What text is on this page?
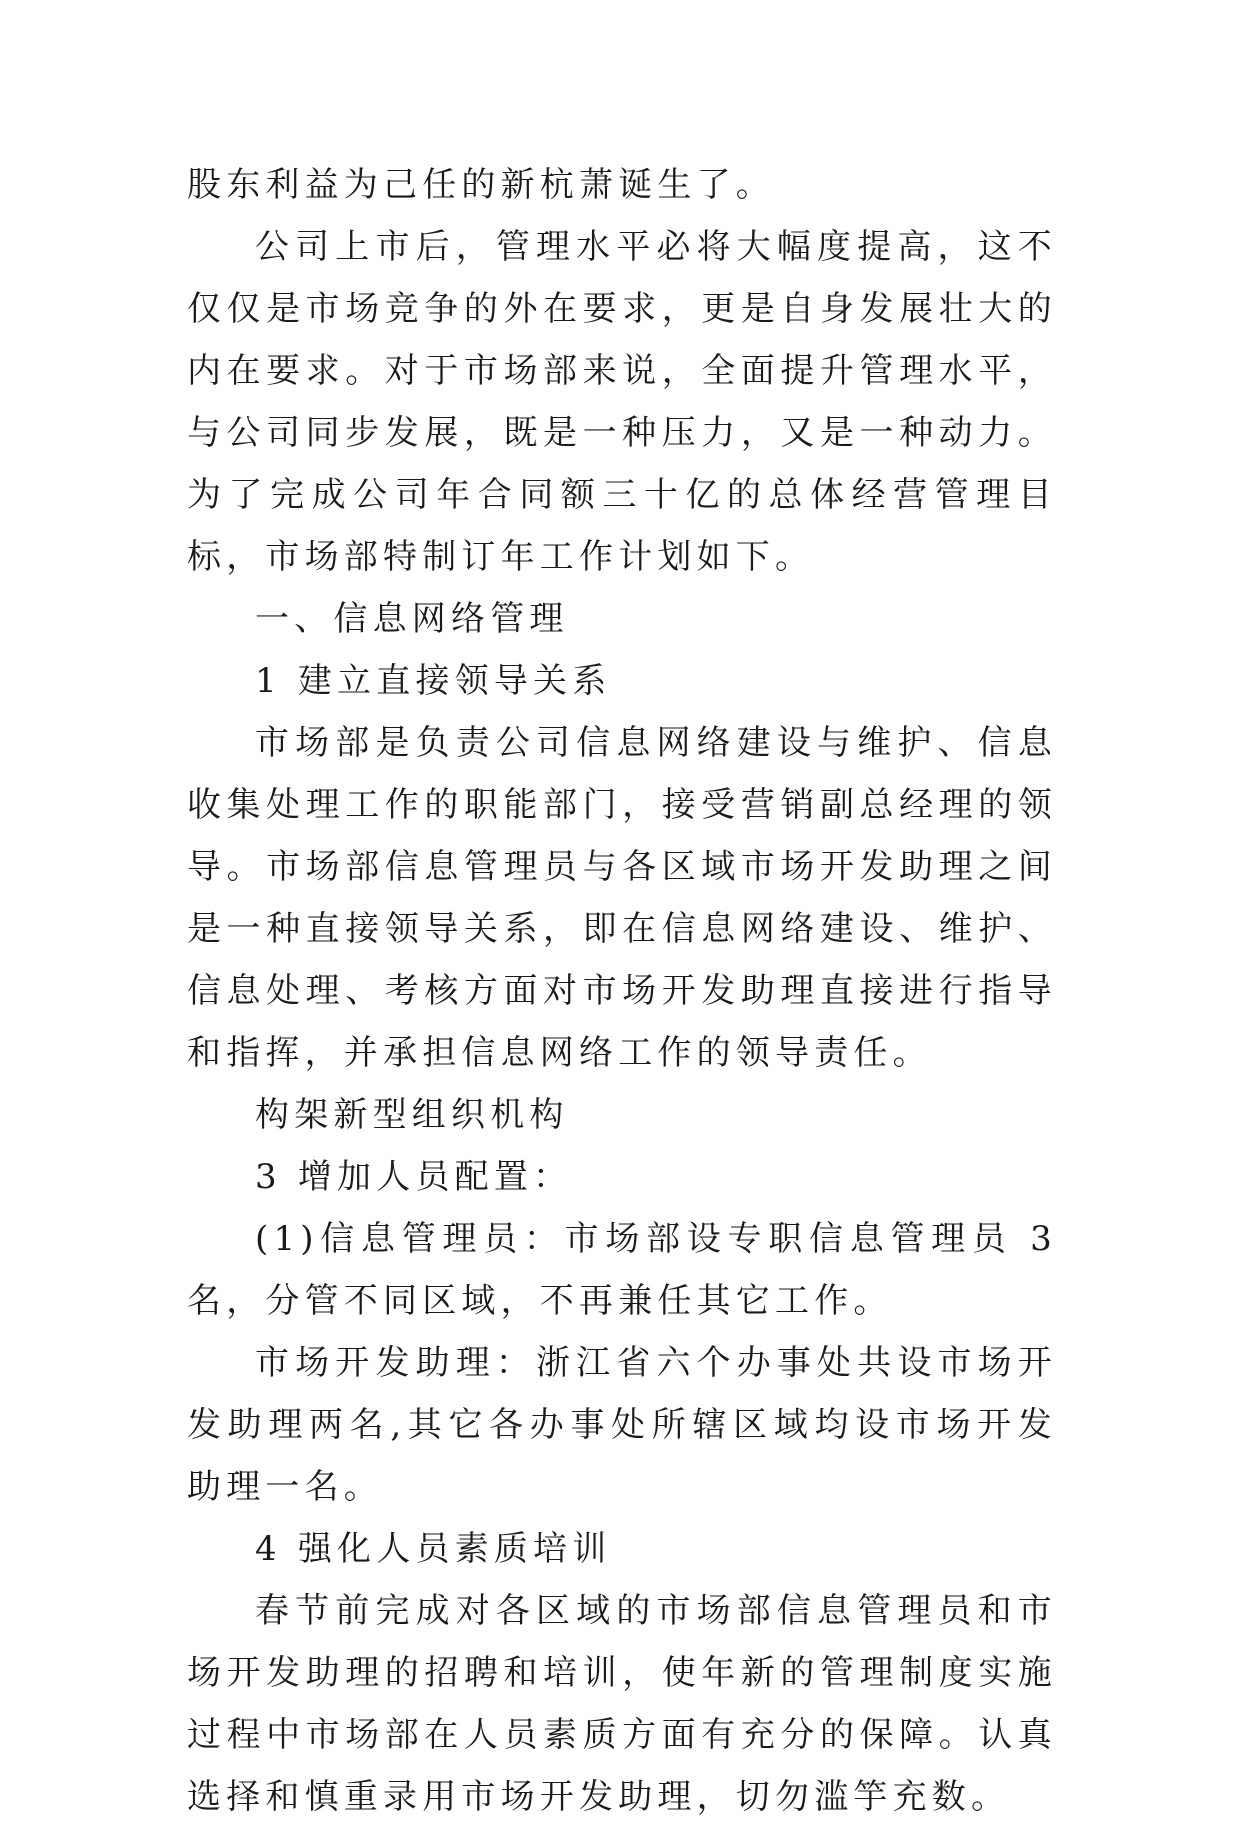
股东利益为己任的新杭萧诞生了。

公司上市后，管理水平必将大幅度提高，这不仅仅是市场竞争的外在要求，更是自身发展壮大的内在要求。对于市场部来说，全面提升管理水平，与公司同步发展，既是一种压力，又是一种动力。为了完成公司年合同额三十亿的总体经营管理目标，市场部特制订年工作计划如下。

一、信息网络管理

1 建立直接领导关系

市场部是负责公司信息网络建设与维护、信息收集处理工作的职能部门，接受营销副总经理的领导。市场部信息管理员与各区域市场开发助理之间是一种直接领导关系，即在信息网络建设、维护、信息处理、考核方面对市场开发助理直接进行指导和指挥，并承担信息网络工作的领导责任。

构架新型组织机构

3 增加人员配置：

(1)信息管理员：市场部设专职信息管理员 3 名，分管不同区域，不再兼任其它工作。

市场开发助理：浙江省六个办事处共设市场开发助理两名,其它各办事处所辖区域均设市场开发助理一名。

4 强化人员素质培训

春节前完成对各区域的市场部信息管理员和市场开发助理的招聘和培训，使年新的管理制度实施过程中市场部在人员素质方面有充分的保障。认真选择和慎重录用市场开发助理，切勿滥竽充数。
